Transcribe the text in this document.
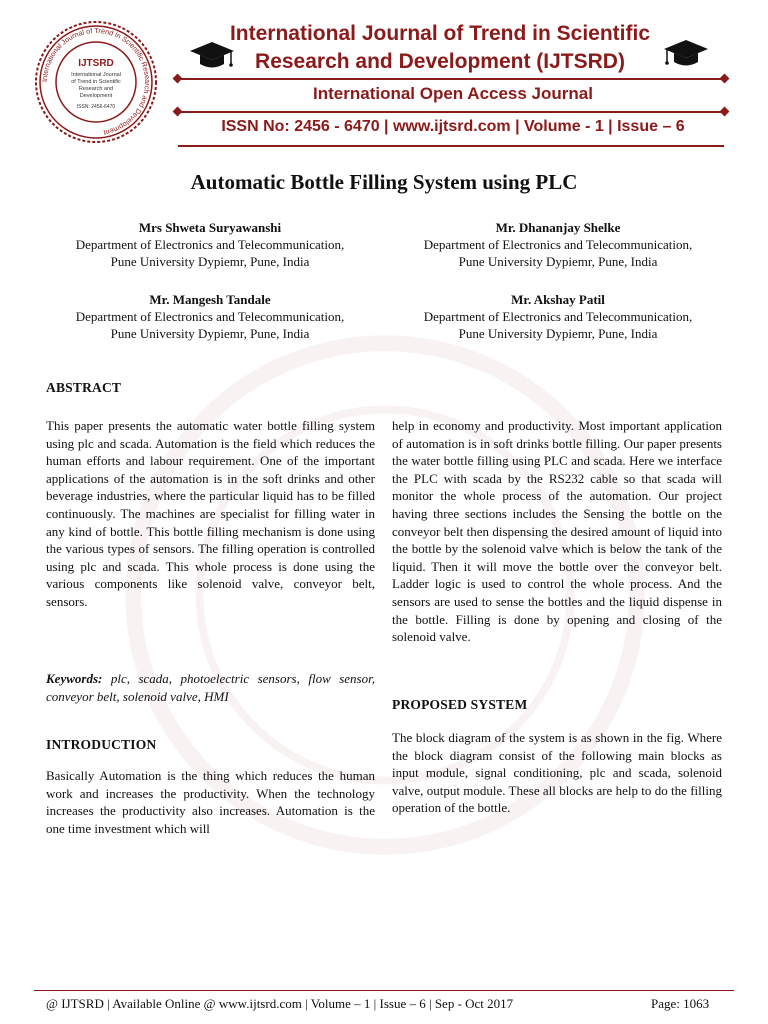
International Journal of Trend in Scientific Research and Development
IJTSRD
International Journal
of Trend in Scientific
Research and
Development
ISSN: 2456-6470
International Journal of Trend in Scientific
Research and Development (IJTSRD)
International Open Access Journal
ISSN No: 2456 - 6470 | www.ijtsrd.com | Volume - 1 | Issue – 6
Automatic Bottle Filling System using PLC
Mrs Shweta Suryawanshi
Department of Electronics and Telecommunication,
Pune University Dypiemr, Pune, India
Mr. Dhananjay Shelke
Department of Electronics and Telecommunication,
Pune University Dypiemr, Pune, India
Mr. Mangesh Tandale
Department of Electronics and Telecommunication,
Pune University Dypiemr, Pune, India
Mr. Akshay Patil
Department of Electronics and Telecommunication,
Pune University Dypiemr, Pune, India
ABSTRACT
This paper presents the automatic water bottle filling system using plc and scada. Automation is the field which reduces the human efforts and labour requirement. One of the important applications of the automation is in the soft drinks and other beverage industries, where the particular liquid has to be filled continuously. The machines are specialist for filling water in any kind of bottle. This bottle filling mechanism is done using the various types of sensors. The filling operation is controlled using plc and scada. This whole process is done using the various components like solenoid valve, conveyor belt, sensors.
Keywords: plc, scada, photoelectric sensors, flow sensor, conveyor belt, solenoid valve, HMI
INTRODUCTION
Basically Automation is the thing which reduces the human work and increases the productivity. When the technology increases the productivity also increases. Automation is the one time investment which will
help in economy and productivity. Most important application of automation is in soft drinks bottle filling. Our paper presents the water bottle filling using PLC and scada. Here we interface the PLC with scada by the RS232 cable so that scada will monitor the whole process of the automation. Our project having three sections includes the Sensing the bottle on the conveyor belt then dispensing the desired amount of liquid into the bottle by the solenoid valve which is below the tank of the liquid. Then it will move the bottle over the conveyor belt. Ladder logic is used to control the whole process. And the sensors are used to sense the bottles and the liquid dispense in the bottle. Filling is done by opening and closing of the solenoid valve.
PROPOSED SYSTEM
The block diagram of the system is as shown in the fig. Where the block diagram consist of the following main blocks as input module, signal conditioning, plc and scada, solenoid valve, output module. These all blocks are help to do the filling operation of the bottle.
@ IJTSRD | Available Online @ www.ijtsrd.com | Volume – 1 | Issue – 6 | Sep - Oct 2017	Page: 1063
